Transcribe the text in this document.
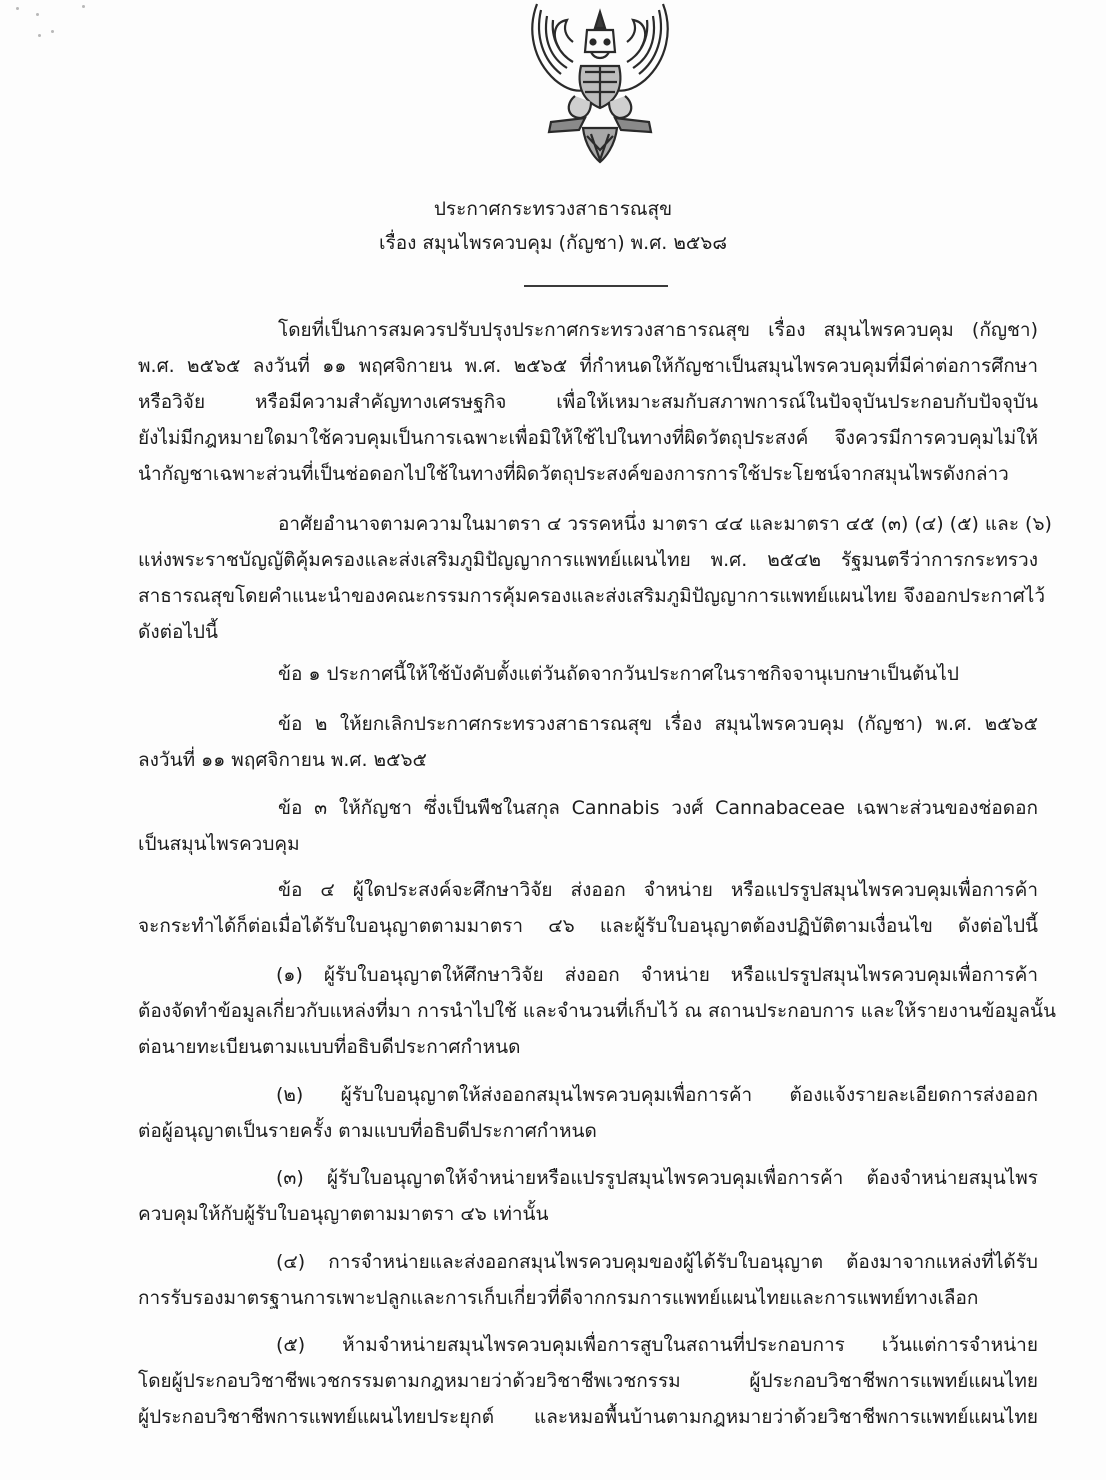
ประกาศกระทรวงสาธารณสุข
เรื่อง สมุนไพรควบคุม (กัญชา) พ.ศ. ๒๕๖๘
โดยที่เป็นการสมควรปรับปรุงประกาศกระทรวงสาธารณสุข เรื่อง สมุนไพรควบคุม (กัญชา)
พ.ศ. ๒๕๖๕ ลงวันที่ ๑๑ พฤศจิกายน พ.ศ. ๒๕๖๕ ที่กำหนดให้กัญชาเป็นสมุนไพรควบคุมที่มีค่าต่อการศึกษา
หรือวิจัย หรือมีความสำคัญทางเศรษฐกิจ เพื่อให้เหมาะสมกับสภาพการณ์ในปัจจุบันประกอบกับปัจจุบัน
ยังไม่มีกฎหมายใดมาใช้ควบคุมเป็นการเฉพาะเพื่อมิให้ใช้ไปในทางที่ผิดวัตถุประสงค์ จึงควรมีการควบคุมไม่ให้
นำกัญชาเฉพาะส่วนที่เป็นช่อดอกไปใช้ในทางที่ผิดวัตถุประสงค์ของการการใช้ประโยชน์จากสมุนไพรดังกล่าว
อาศัยอำนาจตามความในมาตรา ๔ วรรคหนึ่ง มาตรา ๔๔ และมาตรา ๔๕ (๓) (๔) (๕) และ (๖)
แห่งพระราชบัญญัติคุ้มครองและส่งเสริมภูมิปัญญาการแพทย์แผนไทย พ.ศ. ๒๕๔๒ รัฐมนตรีว่าการกระทรวง
สาธารณสุขโดยคำแนะนำของคณะกรรมการคุ้มครองและส่งเสริมภูมิปัญญาการแพทย์แผนไทย จึงออกประกาศไว้
ดังต่อไปนี้
ข้อ ๑ ประกาศนี้ให้ใช้บังคับตั้งแต่วันถัดจากวันประกาศในราชกิจจานุเบกษาเป็นต้นไป
ข้อ ๒ ให้ยกเลิกประกาศกระทรวงสาธารณสุข เรื่อง สมุนไพรควบคุม (กัญชา) พ.ศ. ๒๕๖๕
ลงวันที่ ๑๑ พฤศจิกายน พ.ศ. ๒๕๖๕
ข้อ ๓ ให้กัญชา ซึ่งเป็นพืชในสกุล Cannabis วงศ์ Cannabaceae เฉพาะส่วนของช่อดอก
เป็นสมุนไพรควบคุม
ข้อ ๔ ผู้ใดประสงค์จะศึกษาวิจัย ส่งออก จำหน่าย หรือแปรรูปสมุนไพรควบคุมเพื่อการค้า
จะกระทำได้ก็ต่อเมื่อได้รับใบอนุญาตตามมาตรา ๔๖ และผู้รับใบอนุญาตต้องปฏิบัติตามเงื่อนไข ดังต่อไปนี้
(๑) ผู้รับใบอนุญาตให้ศึกษาวิจัย ส่งออก จำหน่าย หรือแปรรูปสมุนไพรควบคุมเพื่อการค้า
ต้องจัดทำข้อมูลเกี่ยวกับแหล่งที่มา การนำไปใช้ และจำนวนที่เก็บไว้ ณ สถานประกอบการ และให้รายงานข้อมูลนั้น
ต่อนายทะเบียนตามแบบที่อธิบดีประกาศกำหนด
(๒) ผู้รับใบอนุญาตให้ส่งออกสมุนไพรควบคุมเพื่อการค้า ต้องแจ้งรายละเอียดการส่งออก
ต่อผู้อนุญาตเป็นรายครั้ง ตามแบบที่อธิบดีประกาศกำหนด
(๓) ผู้รับใบอนุญาตให้จำหน่ายหรือแปรรูปสมุนไพรควบคุมเพื่อการค้า ต้องจำหน่ายสมุนไพร
ควบคุมให้กับผู้รับใบอนุญาตตามมาตรา ๔๖ เท่านั้น
(๔) การจำหน่ายและส่งออกสมุนไพรควบคุมของผู้ได้รับใบอนุญาต ต้องมาจากแหล่งที่ได้รับ
การรับรองมาตรฐานการเพาะปลูกและการเก็บเกี่ยวที่ดีจากกรมการแพทย์แผนไทยและการแพทย์ทางเลือก
(๕) ห้ามจำหน่ายสมุนไพรควบคุมเพื่อการสูบในสถานที่ประกอบการ เว้นแต่การจำหน่าย
โดยผู้ประกอบวิชาชีพเวชกรรมตามกฎหมายว่าด้วยวิชาชีพเวชกรรม ผู้ประกอบวิชาชีพการแพทย์แผนไทย
ผู้ประกอบวิชาชีพการแพทย์แผนไทยประยุกต์ และหมอพื้นบ้านตามกฎหมายว่าด้วยวิชาชีพการแพทย์แผนไทย
